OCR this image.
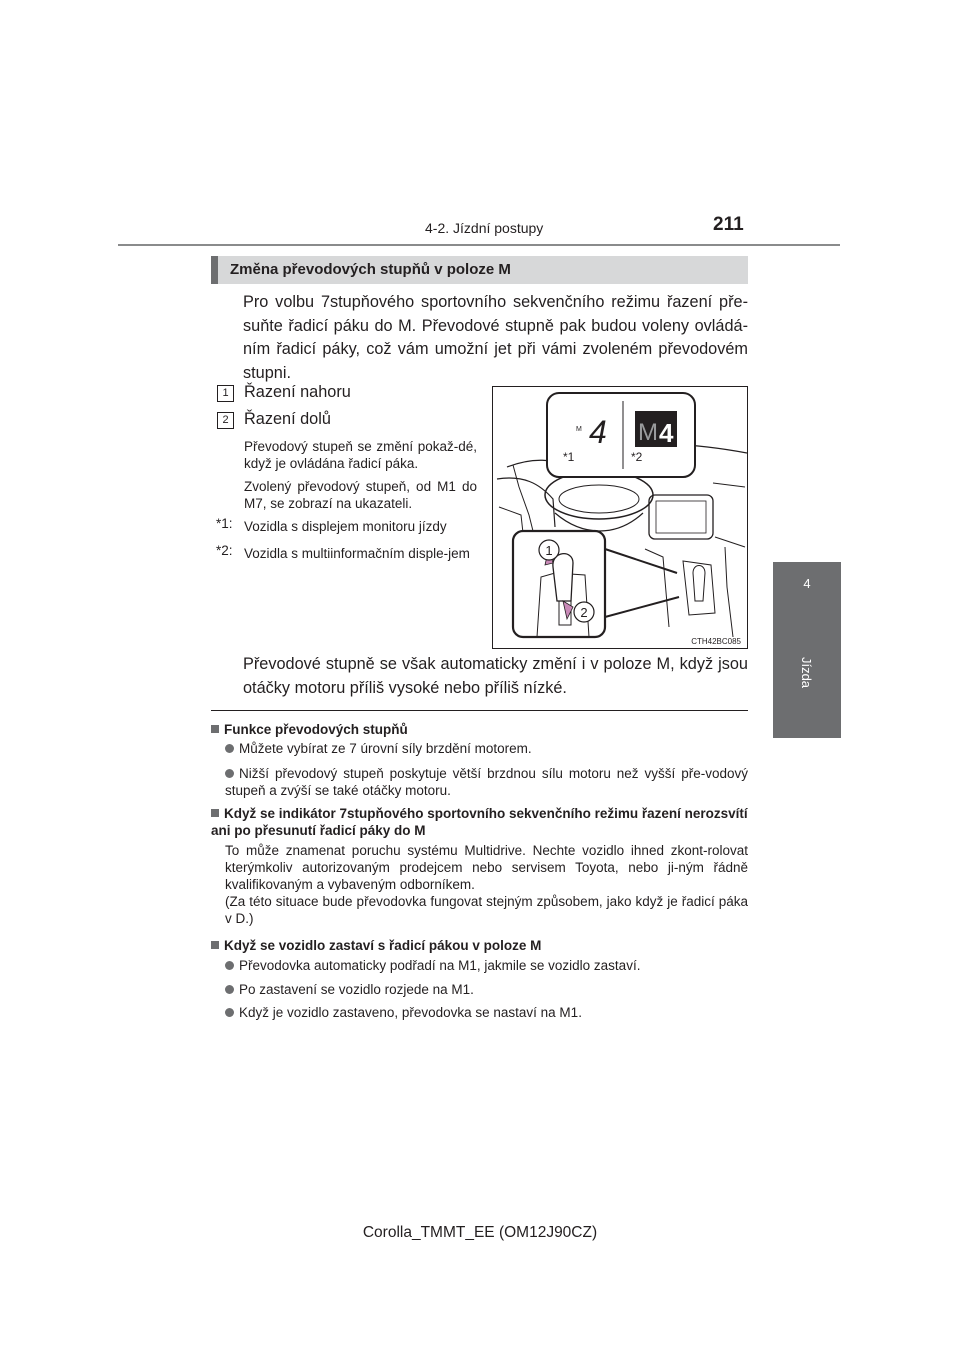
4-2. Jízdní postupy	211
4
Jízda
Změna převodových stupňů v poloze M
Pro volbu 7stupňového sportovního sekvenčního režimu řazení pře-suňte řadicí páku do M. Převodové stupně pak budou voleny ovládá-ním řadicí páky, což vám umožní jet při vámi zvoleném převodovém stupni.
1 Řazení nahoru
2 Řazení dolů
Převodový stupeň se změní pokaž-dé, když je ovládána řadicí páka.
Zvolený převodový stupeň, od M1 do M7, se zobrazí na ukazateli.
*1: Vozidla s displejem monitoru jízdy
*2: Vozidla s multiinformačním disple-jem	1
2
M 4 M 4
*1	*2
CTH42BC085
Převodové stupně se však automaticky změní i v poloze M, když jsou otáčky motoru příliš vysoké nebo příliš nízké.
Funkce převodových stupňů
Můžete vybírat ze 7 úrovní síly brzdění motorem.
Nižší převodový stupeň poskytuje větší brzdnou sílu motoru než vyšší pře-vodový stupeň a zvýší se také otáčky motoru.
Když se indikátor 7stupňového sportovního sekvenčního režimu řazení nerozsvítí ani po přesunutí řadicí páky do M
To může znamenat poruchu systému Multidrive. Nechte vozidlo ihned zkont-rolovat kterýmkoliv autorizovaným prodejcem nebo servisem Toyota, nebo ji-ným řádně kvalifikovaným a vybaveným odborníkem.
(Za této situace bude převodovka fungovat stejným způsobem, jako když je řadicí páka v D.)
Když se vozidlo zastaví s řadicí pákou v poloze M
Převodovka automaticky podřadí na M1, jakmile se vozidlo zastaví.
Po zastavení se vozidlo rozjede na M1.
Když je vozidlo zastaveno, převodovka se nastaví na M1.
Corolla_TMMT_EE (OM12J90CZ)
